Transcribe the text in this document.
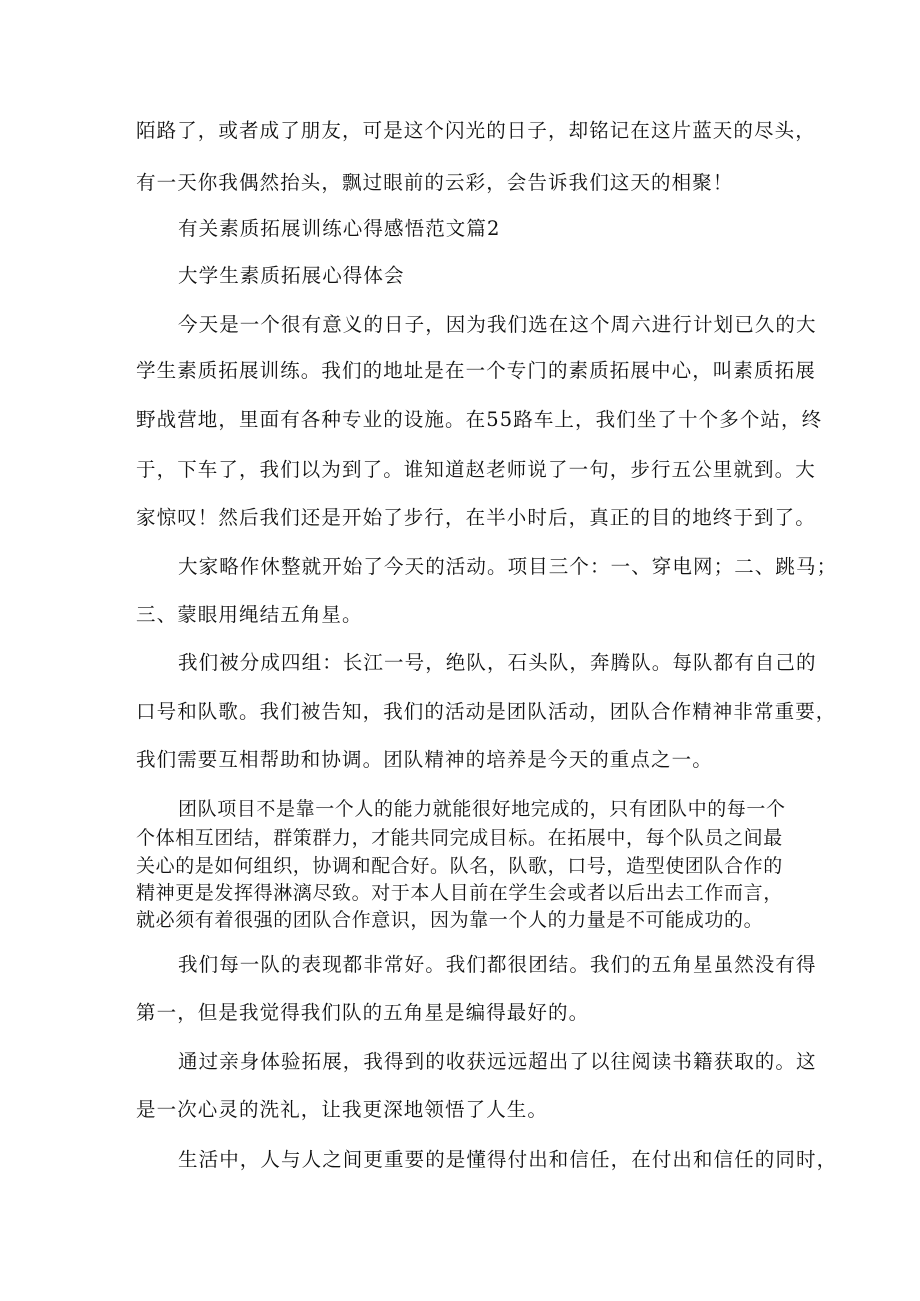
陌路了，或者成了朋友，可是这个闪光的日子，却铭记在这片蓝天的尽头，
有一天你我偶然抬头，飘过眼前的云彩，会告诉我们这天的相聚！
有关素质拓展训练心得感悟范文篇2
大学生素质拓展心得体会
今天是一个很有意义的日子，因为我们选在这个周六进行计划已久的大
学生素质拓展训练。我们的地址是在一个专门的素质拓展中心，叫素质拓展
野战营地，里面有各种专业的设施。在55路车上，我们坐了十个多个站，终
于，下车了，我们以为到了。谁知道赵老师说了一句，步行五公里就到。大
家惊叹！然后我们还是开始了步行，在半小时后，真正的目的地终于到了。
大家略作休整就开始了今天的活动。项目三个：一、穿电网；二、跳马；
三、蒙眼用绳结五角星。
我们被分成四组：长江一号，绝队，石头队，奔腾队。每队都有自己的
口号和队歌。我们被告知，我们的活动是团队活动，团队合作精神非常重要，
我们需要互相帮助和协调。团队精神的培养是今天的重点之一。
团队项目不是靠一个人的能力就能很好地完成的，只有团队中的每一个
个体相互团结，群策群力，才能共同完成目标。在拓展中，每个队员之间最
关心的是如何组织，协调和配合好。队名，队歌，口号，造型使团队合作的
精神更是发挥得淋漓尽致。对于本人目前在学生会或者以后出去工作而言，
就必须有着很强的团队合作意识，因为靠一个人的力量是不可能成功的。
我们每一队的表现都非常好。我们都很团结。我们的五角星虽然没有得
第一，但是我觉得我们队的五角星是编得最好的。
通过亲身体验拓展，我得到的收获远远超出了以往阅读书籍获取的。这
是一次心灵的洗礼，让我更深地领悟了人生。
生活中，人与人之间更重要的是懂得付出和信任，在付出和信任的同时，
